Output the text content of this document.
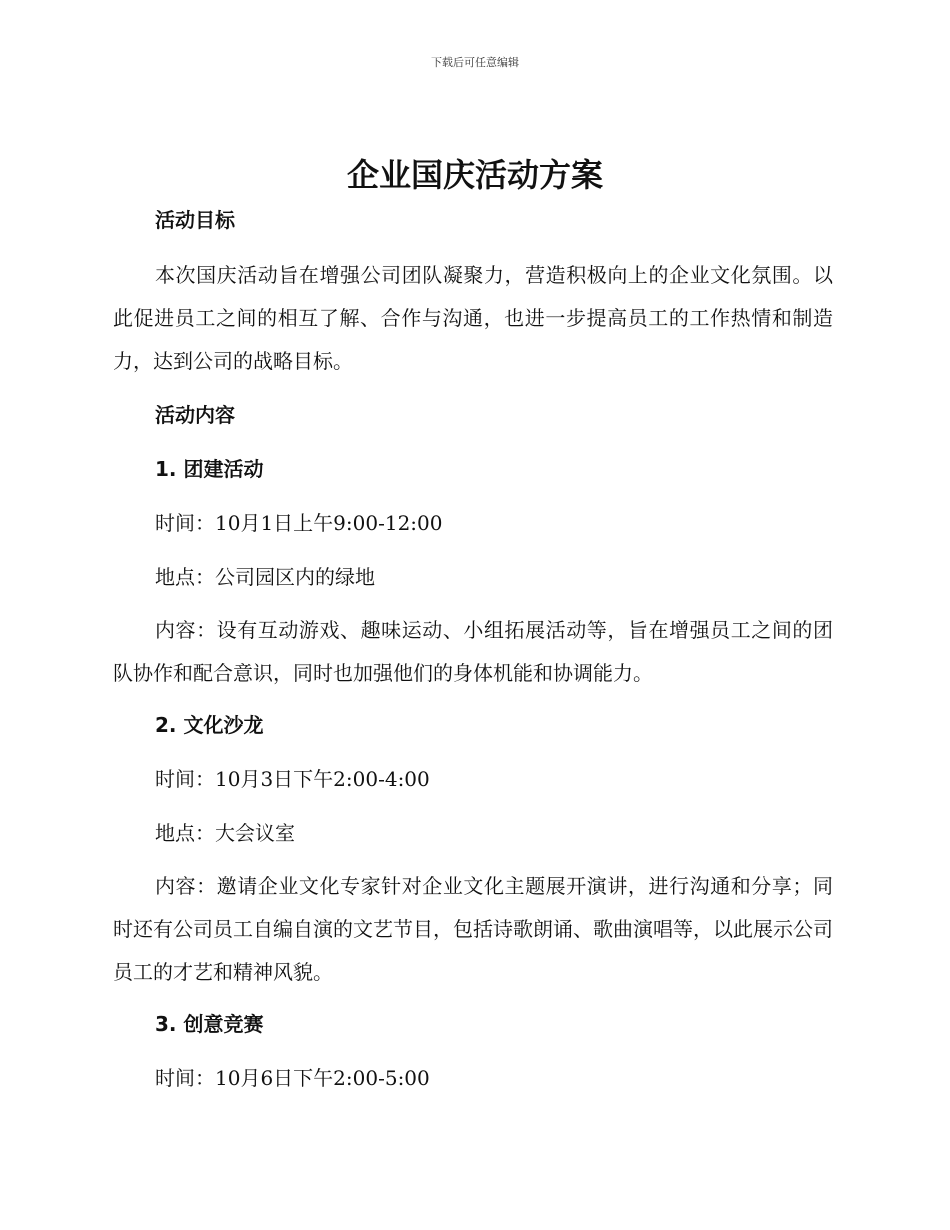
下载后可任意编辑
企业国庆活动方案

活动目标

本次国庆活动旨在增强公司团队凝聚力，营造积极向上的企业文化氛围。以此促进员工之间的相互了解、合作与沟通，也进一步提高员工的工作热情和制造力，达到公司的战略目标。

活动内容

1. 团建活动

时间：10月1日上午9:00-12:00

地点：公司园区内的绿地

内容：设有互动游戏、趣味运动、小组拓展活动等，旨在增强员工之间的团队协作和配合意识，同时也加强他们的身体机能和协调能力。

2. 文化沙龙

时间：10月3日下午2:00-4:00

地点：大会议室

内容：邀请企业文化专家针对企业文化主题展开演讲，进行沟通和分享；同时还有公司员工自编自演的文艺节目，包括诗歌朗诵、歌曲演唱等，以此展示公司员工的才艺和精神风貌。

3. 创意竞赛

时间：10月6日下午2:00-5:00
